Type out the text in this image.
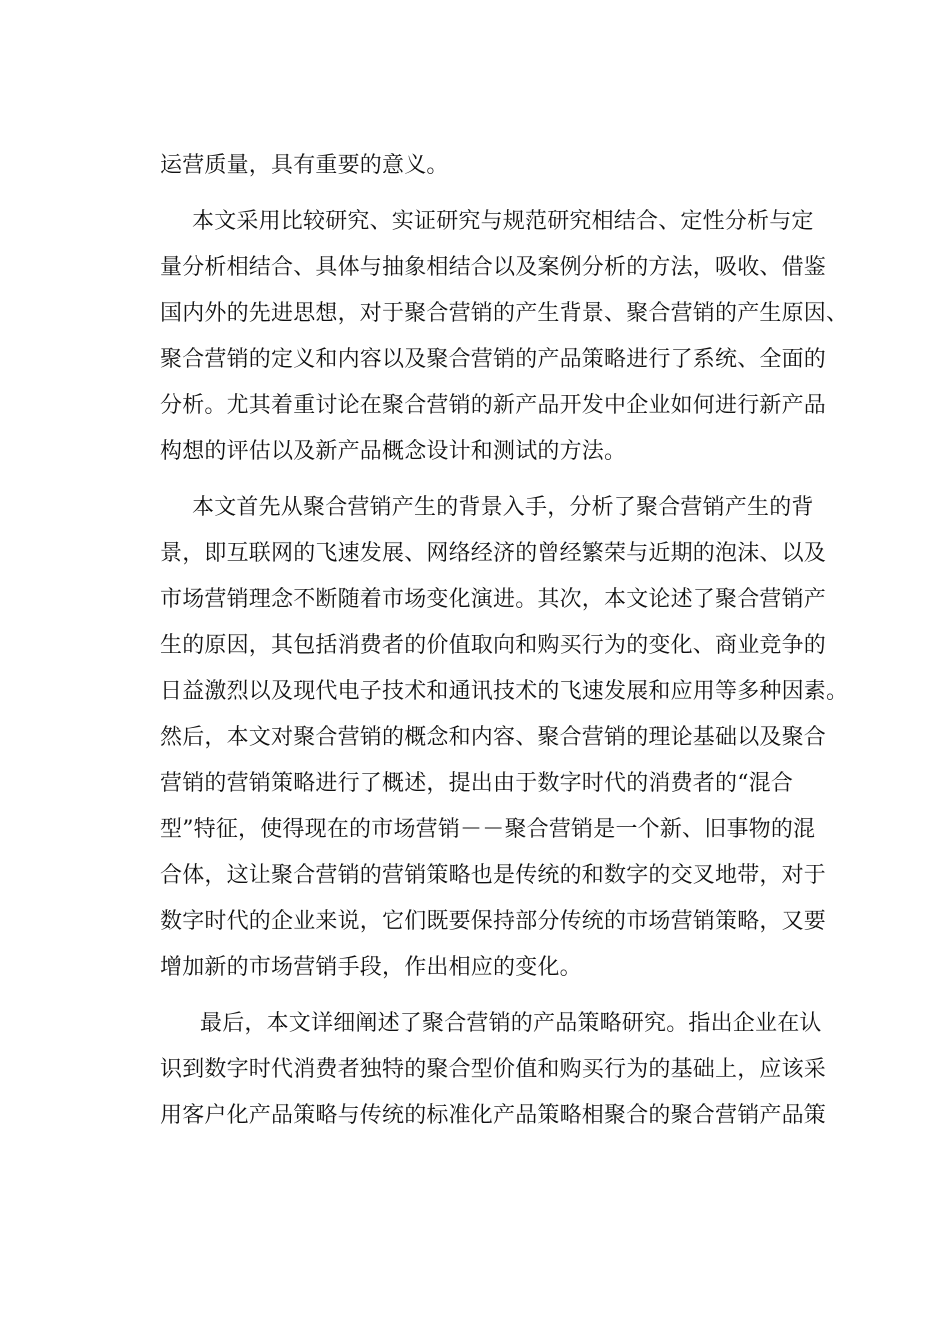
运营质量，具有重要的意义。
本文采用比较研究、实证研究与规范研究相结合、定性分析与定
量分析相结合、具体与抽象相结合以及案例分析的方法，吸收、借鉴
国内外的先进思想，对于聚合营销的产生背景、聚合营销的产生原因、
聚合营销的定义和内容以及聚合营销的产品策略进行了系统、全面的
分析。尤其着重讨论在聚合营销的新产品开发中企业如何进行新产品
构想的评估以及新产品概念设计和测试的方法。
本文首先从聚合营销产生的背景入手，分析了聚合营销产生的背
景，即互联网的飞速发展、网络经济的曾经繁荣与近期的泡沫、以及
市场营销理念不断随着市场变化演进。其次，本文论述了聚合营销产
生的原因，其包括消费者的价值取向和购买行为的变化、商业竞争的
日益激烈以及现代电子技术和通讯技术的飞速发展和应用等多种因素。
然后，本文对聚合营销的概念和内容、聚合营销的理论基础以及聚合
营销的营销策略进行了概述，提出由于数字时代的消费者的“混合
型”特征，使得现在的市场营销－－聚合营销是一个新、旧事物的混
合体，这让聚合营销的营销策略也是传统的和数字的交叉地带，对于
数字时代的企业来说，它们既要保持部分传统的市场营销策略，又要
增加新的市场营销手段，作出相应的变化。
最后，本文详细阐述了聚合营销的产品策略研究。指出企业在认
识到数字时代消费者独特的聚合型价值和购买行为的基础上，应该采
用客户化产品策略与传统的标准化产品策略相聚合的聚合营销产品策
